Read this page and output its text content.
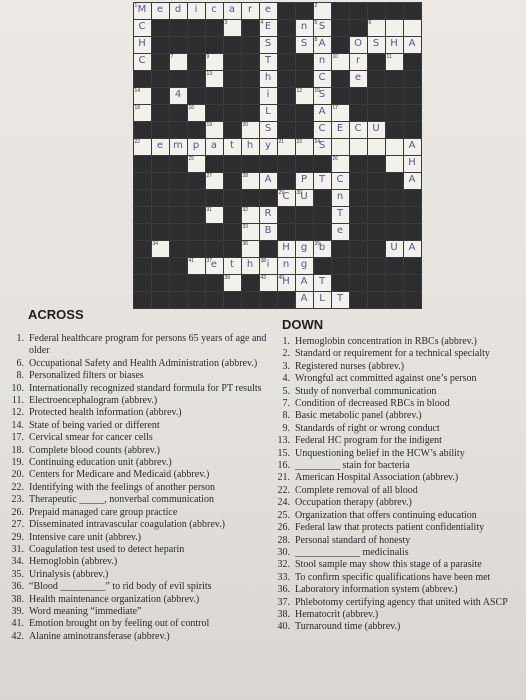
1 M	e	d	i	c	a	r	e	2
C	3	4 E	n	5 S	6
H	S	S	8 A	O	S	H	A
C	7	9	T	n	10	r	11
13	h	C	e
14	4	i	12 15
S
18	16	L	A	17
19	20	S	C	E	C	U
22	e	m p	a	t	h	y	21 23 24
S	A
25	26	H
27	28	A	P	T	C	A
29
C	30
U	n
31	32	R	T
33	B	e
34	36	H	g	35
b	U	A
41 37
e	t	h	38 i	n	g
39	42 40
H	A	T
A	L	T
ACROSS
DOWN
1. Federal healthcare program for persons 65 years of age and older
6. Occupational Safety and Health Administration (abbrev.)
8. Personalized filters or biases
10. Internationally recognized standard formula for PT results
11. Electroencephalogram (abbrev.)
12. Protected health information (abbrev.)
14. State of being varied or different
17. Cervical smear for cancer cells
18. Complete blood counts (abbrev.)
19. Continuing education unit (abbrev.)
20. Centers for Medicare and Medicaid (abbrev.)
22. Identifying with the feelings of another person
23. Therapeutic _____, nonverbal communication
26. Prepaid managed care group practice
27. Disseminated intravascular coagulation (abbrev.)
29. Intensive care unit (abbrev.)
31. Coagulation test used to detect heparin
34. Hemoglobin (abbrev.)
35. Urinalysis (abbrev.)
36. “Blood _________” to rid body of evil spirits
38. Health maintenance organization (abbrev.)
39. Word meaning “immediate”
41. Emotion brought on by feeling out of control
42. Alanine aminotransferase (abbrev.)
1. Hemoglobin concentration in RBCs (abbrev.)
2. Standard or requirement for a technical specialty
3. Registered nurses (abbrev.)
4. Wrongful act committed against one’s person
5. Study of nonverbal communication
7. Condition of decreased RBCs in blood
8. Basic metabolic panel (abbrev.)
9. Standards of right or wrong conduct
13. Federal HC program for the indigent
15. Unquestioning belief in the HCW’s ability
16. _________ stain for bacteria
21. American Hospital Association (abbrev.)
22. Complete removal of all blood
24. Occupation therapy (abbrev.)
25. Organization that offers continuing education
26. Federal law that protects patient confidentiality
28. Personal standard of honesty
30. _____________ medicinalis
32. Stool sample may show this stage of a parasite
33. To confirm specific qualifications have been met
36. Laboratory information system (abbrev.)
37. Phlebotomy certifying agency that united with ASCP
38. Hematocrit (abbrev.)
40. Turnaround time (abbrev.)
